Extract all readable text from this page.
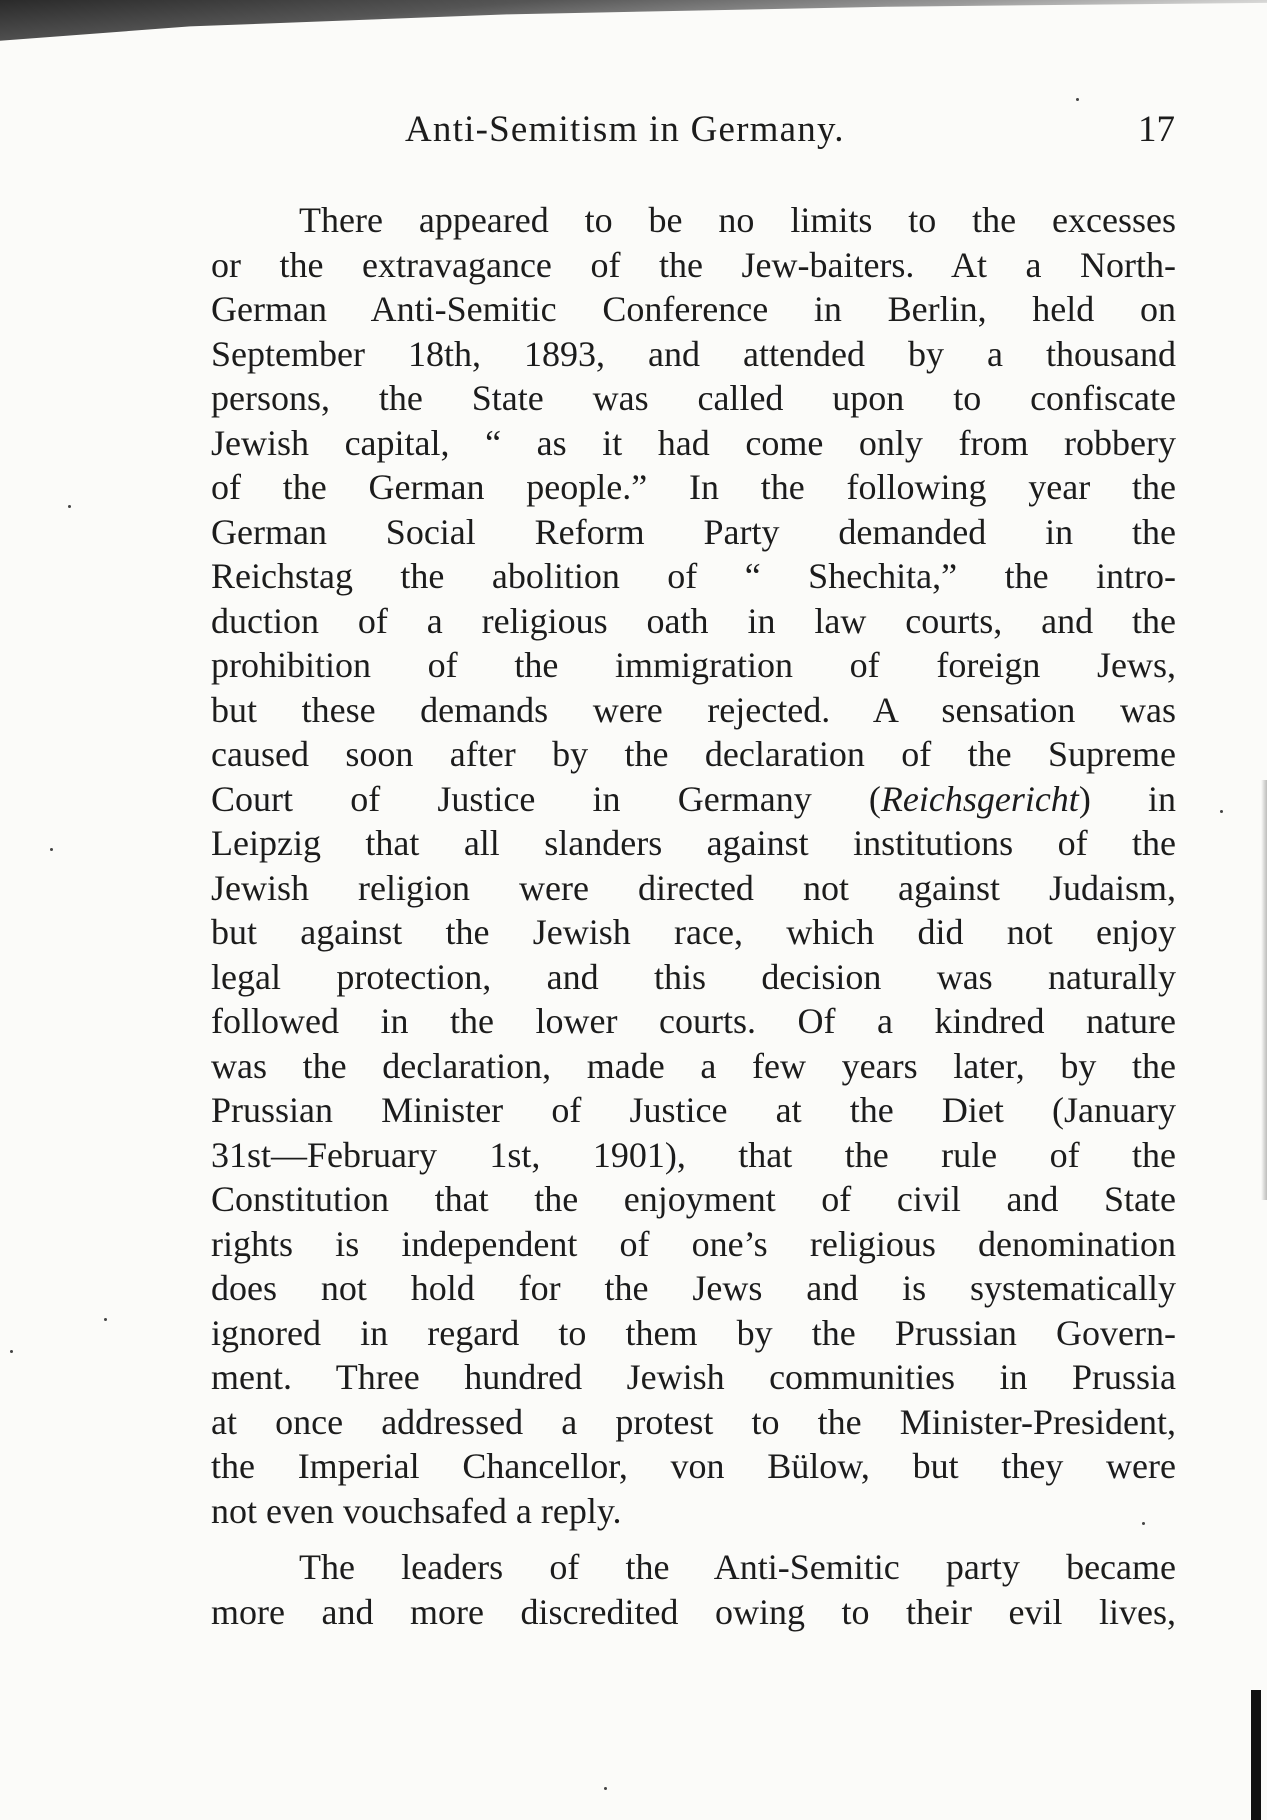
Anti-Semitism in Germany.	17
There appeared to be no limits to the excesses
or the extravagance of the Jew-baiters. At a North-
German Anti-Semitic Conference in Berlin, held on
September 18th, 1893, and attended by a thousand
persons, the State was called upon to confiscate
Jewish capital, “ as it had come only from robbery
of the German people.” In the following year the
German Social Reform Party demanded in the
Reichstag the abolition of “ Shechita,” the intro-
duction of a religious oath in law courts, and the
prohibition of the immigration of foreign Jews,
but these demands were rejected. A sensation was
caused soon after by the declaration of the Supreme
Court of Justice in Germany (Reichsgericht) in
Leipzig that all slanders against institutions of the
Jewish religion were directed not against Judaism,
but against the Jewish race, which did not enjoy
legal protection, and this decision was naturally
followed in the lower courts. Of a kindred nature
was the declaration, made a few years later, by the
Prussian Minister of Justice at the Diet (January
31st—February 1st, 1901), that the rule of the
Constitution that the enjoyment of civil and State
rights is independent of one’s religious denomination
does not hold for the Jews and is systematically
ignored in regard to them by the Prussian Govern-
ment. Three hundred Jewish communities in Prussia
at once addressed a protest to the Minister-President,
the Imperial Chancellor, von Bülow, but they were
not even vouchsafed a reply.
The leaders of the Anti-Semitic party became
more and more discredited owing to their evil lives,
